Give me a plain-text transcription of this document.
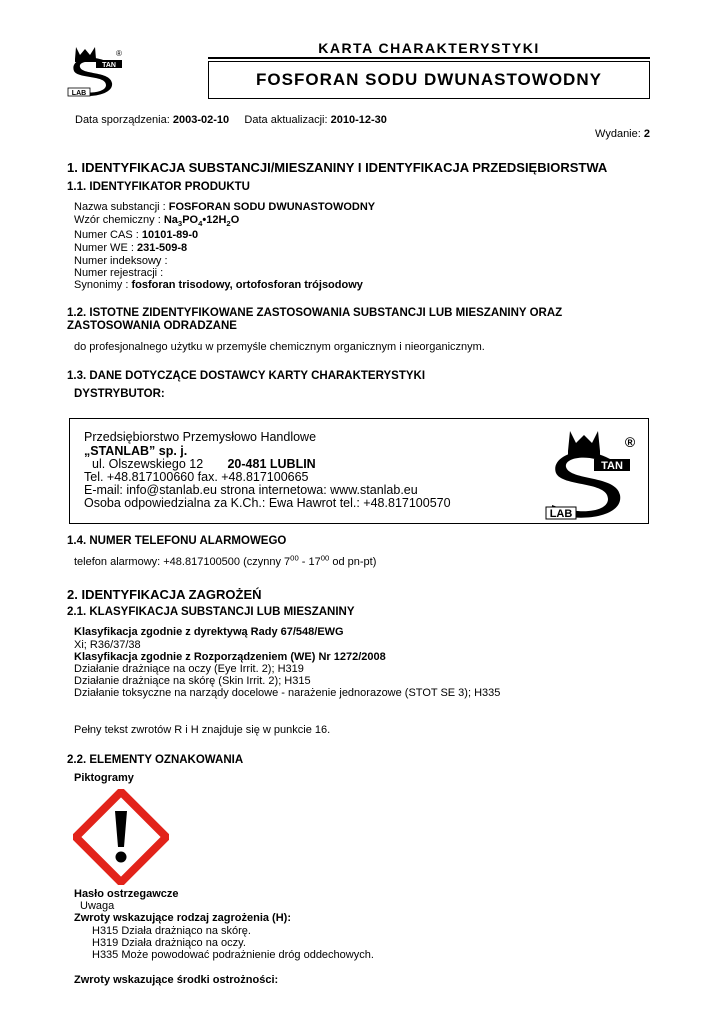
TAN
LAB
®	KARTA CHARAKTERYSTYKI
FOSFORAN SODU DWUNASTOWODNY
Data sporządzenia: 2003-02-10 Data aktualizacji: 2010-12-30
Wydanie: 2
1. IDENTYFIKACJA SUBSTANCJI/MIESZANINY I IDENTYFIKACJA PRZEDSIĘBIORSTWA
1.1. IDENTYFIKATOR PRODUKTU
Nazwa substancji : FOSFORAN SODU DWUNASTOWODNY
Wzór chemiczny : $Na_3PO_4•12H_2O$
Numer CAS : 10101-89-0
Numer WE : 231-509-8
Numer indeksowy :
Numer rejestracji :
Synonimy : fosforan trisodowy, ortofosforan trójsodowy
1.2. ISTOTNE ZIDENTYFIKOWANE ZASTOSOWANIA SUBSTANCJI LUB MIESZANINY ORAZ
ZASTOSOWANIA ODRADZANE
do profesjonalnego użytku w przemyśle chemicznym organicznym i nieorganicznym.
1.3. DANE DOTYCZĄCE DOSTAWCY KARTY CHARAKTERYSTYKI
DYSTRYBUTOR:
Przedsiębiorstwo Przemysłowo Handlowe
„STANLAB” sp. j.
ul. Olszewskiego 12 20-481 LUBLIN
Tel. +48.817100660 fax. +48.817100665
E-mail: info@stanlab.eu strona internetowa: www.stanlab.eu
Osoba odpowiedzialna za K.Ch.: Ewa Hawrot tel.: +48.817100570
TAN
LAB
®
1.4. NUMER TELEFONU ALARMOWEGO
telefon alarmowy: +48.817100500 (czynny $7^{00} - 17^{00}$ od pn-pt)
2. IDENTYFIKACJA ZAGROŻEŃ
2.1. KLASYFIKACJA SUBSTANCJI LUB MIESZANINY
Klasyfikacja zgodnie z dyrektywą Rady 67/548/EWG
Xi; R36/37/38
Klasyfikacja zgodnie z Rozporządzeniem (WE) Nr 1272/2008
Działanie drażniące na oczy (Eye Irrit. 2); H319
Działanie drażniące na skórę (Skin Irrit. 2); H315
Działanie toksyczne na narządy docelowe - narażenie jednorazowe (STOT SE 3); H335
Pełny tekst zwrotów R i H znajduje się w punkcie 16.
2.2. ELEMENTY OZNAKOWANIA
Piktogramy
Hasło ostrzegawcze
Uwaga
Zwroty wskazujące rodzaj zagrożenia (H):
H315 Działa drażniąco na skórę.
H319 Działa drażniąco na oczy.
H335 Może powodować podrażnienie dróg oddechowych.
Zwroty wskazujące środki ostrożności:
